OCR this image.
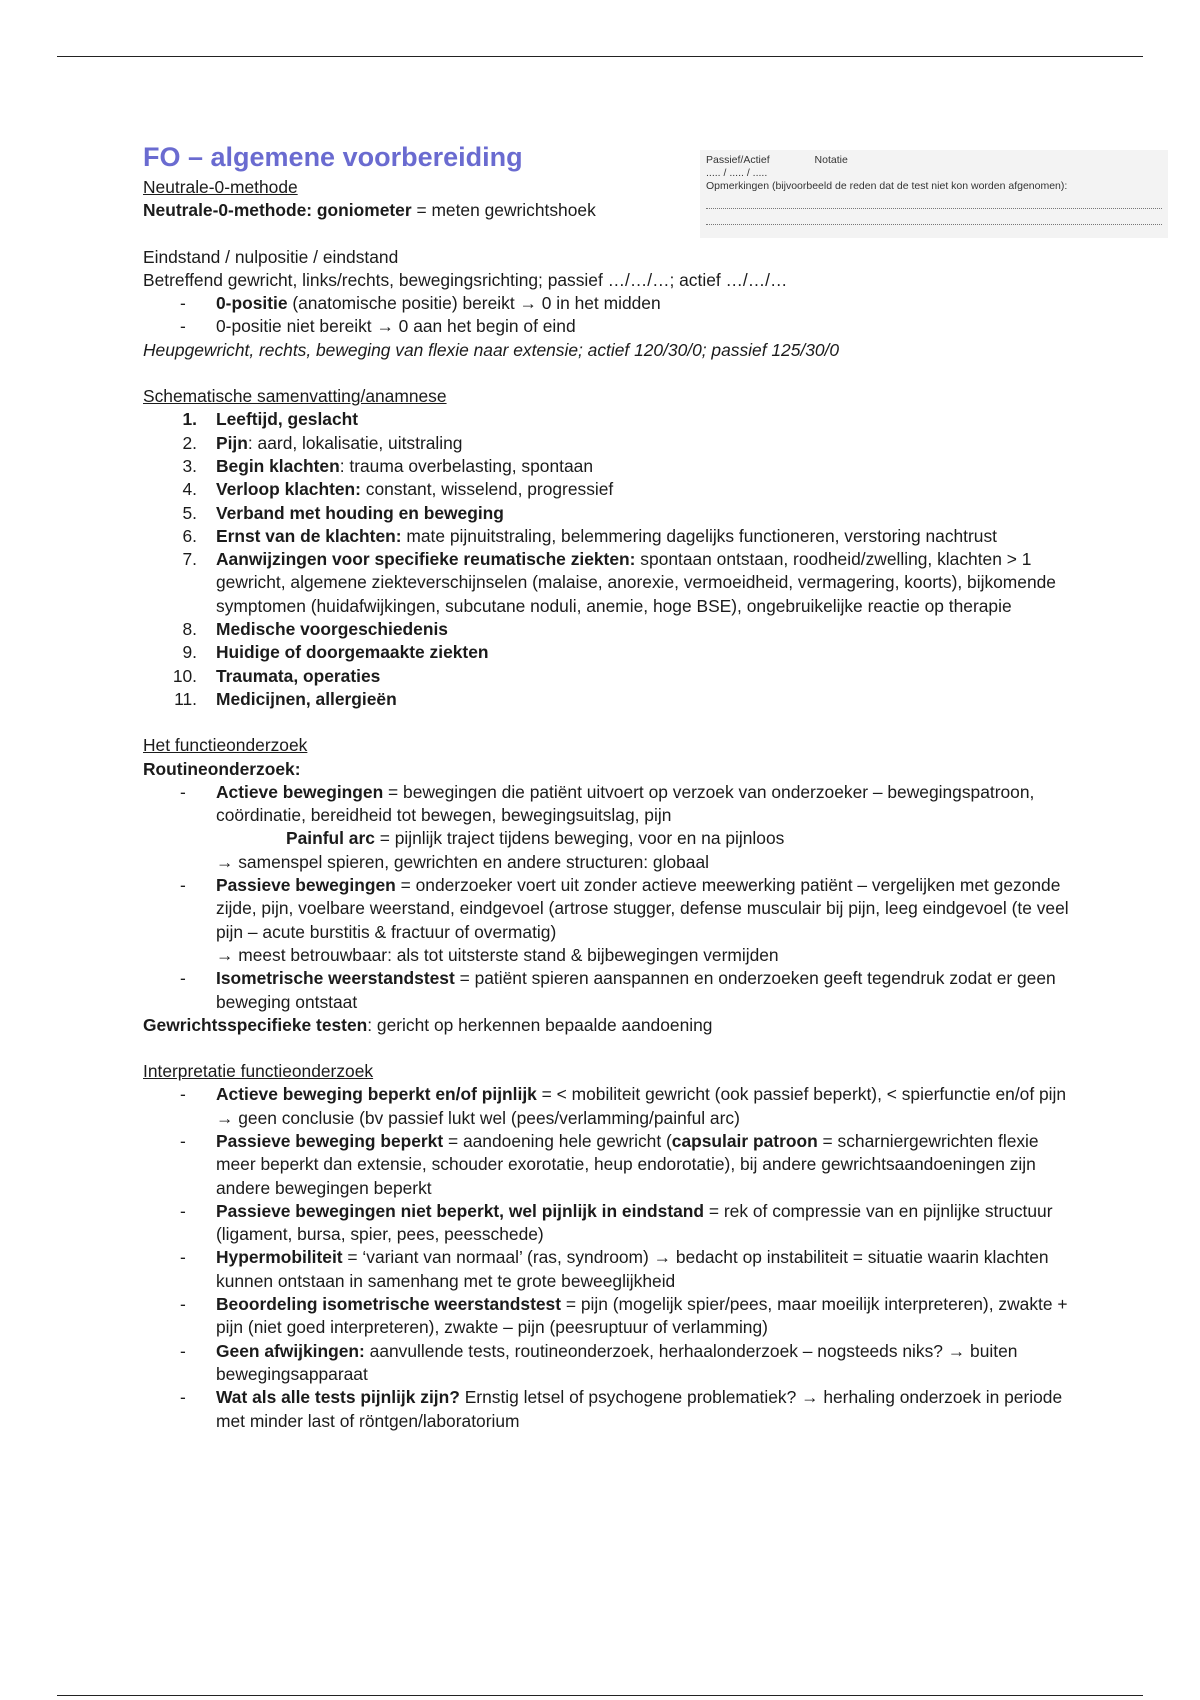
Passief/Actief	Notatie
..... / ..... / .....
Opmerkingen (bijvoorbeeld de reden dat de test niet kon worden afgenomen):
FO – algemene voorbereiding
Neutrale-0-methode
Neutrale-0-methode: goniometer = meten gewrichtshoek
Eindstand / nulpositie / eindstand
Betreffend gewricht, links/rechts, bewegingsrichting; passief …/…/…; actief …/…/…
- 0-positie (anatomische positie) bereikt → 0 in het midden
- 0-positie niet bereikt → 0 aan het begin of eind
Heupgewricht, rechts, beweging van flexie naar extensie; actief 120/30/0; passief 125/30/0
Schematische samenvatting/anamnese
1. Leeftijd, geslacht
2. Pijn: aard, lokalisatie, uitstraling
3. Begin klachten: trauma overbelasting, spontaan
4. Verloop klachten: constant, wisselend, progressief
5. Verband met houding en beweging
6. Ernst van de klachten: mate pijnuitstraling, belemmering dagelijks functioneren, verstoring nachtrust
7. Aanwijzingen voor specifieke reumatische ziekten: spontaan ontstaan, roodheid/zwelling, klachten > 1 gewricht, algemene ziekteverschijnselen (malaise, anorexie, vermoeidheid, vermagering, koorts), bijkomende symptomen (huidafwijkingen, subcutane noduli, anemie, hoge BSE), ongebruikelijke reactie op therapie
8. Medische voorgeschiedenis
9. Huidige of doorgemaakte ziekten
10. Traumata, operaties
11. Medicijnen, allergieën
Het functieonderzoek
Routineonderzoek:
- Actieve bewegingen = bewegingen die patiënt uitvoert op verzoek van onderzoeker – bewegingspatroon, coördinatie, bereidheid tot bewegen, bewegingsuitslag, pijn
Painful arc = pijnlijk traject tijdens beweging, voor en na pijnloos
→ samenspel spieren, gewrichten en andere structuren: globaal
- Passieve bewegingen = onderzoeker voert uit zonder actieve meewerking patiënt – vergelijken met gezonde zijde, pijn, voelbare weerstand, eindgevoel (artrose stugger, defense musculair bij pijn, leeg eindgevoel (te veel pijn – acute burstitis & fractuur of overmatig)
→ meest betrouwbaar: als tot uitsterste stand & bijbewegingen vermijden
- Isometrische weerstandstest = patiënt spieren aanspannen en onderzoeken geeft tegendruk zodat er geen beweging ontstaat
Gewrichtsspecifieke testen: gericht op herkennen bepaalde aandoening
Interpretatie functieonderzoek
- Actieve beweging beperkt en/of pijnlijk = < mobiliteit gewricht (ook passief beperkt), < spierfunctie en/of pijn → geen conclusie (bv passief lukt wel (pees/verlamming/painful arc)
- Passieve beweging beperkt = aandoening hele gewricht (capsulair patroon = scharniergewrichten flexie meer beperkt dan extensie, schouder exorotatie, heup endorotatie), bij andere gewrichtsaandoeningen zijn andere bewegingen beperkt
- Passieve bewegingen niet beperkt, wel pijnlijk in eindstand = rek of compressie van en pijnlijke structuur (ligament, bursa, spier, pees, peesschede)
- Hypermobiliteit = ‘variant van normaal’ (ras, syndroom) → bedacht op instabiliteit = situatie waarin klachten kunnen ontstaan in samenhang met te grote beweeglijkheid
- Beoordeling isometrische weerstandstest = pijn (mogelijk spier/pees, maar moeilijk interpreteren), zwakte + pijn (niet goed interpreteren), zwakte – pijn (peesruptuur of verlamming)
- Geen afwijkingen: aanvullende tests, routineonderzoek, herhaalonderzoek – nogsteeds niks? → buiten bewegingsapparaat
- Wat als alle tests pijnlijk zijn? Ernstig letsel of psychogene problematiek? → herhaling onderzoek in periode met minder last of röntgen/laboratorium
